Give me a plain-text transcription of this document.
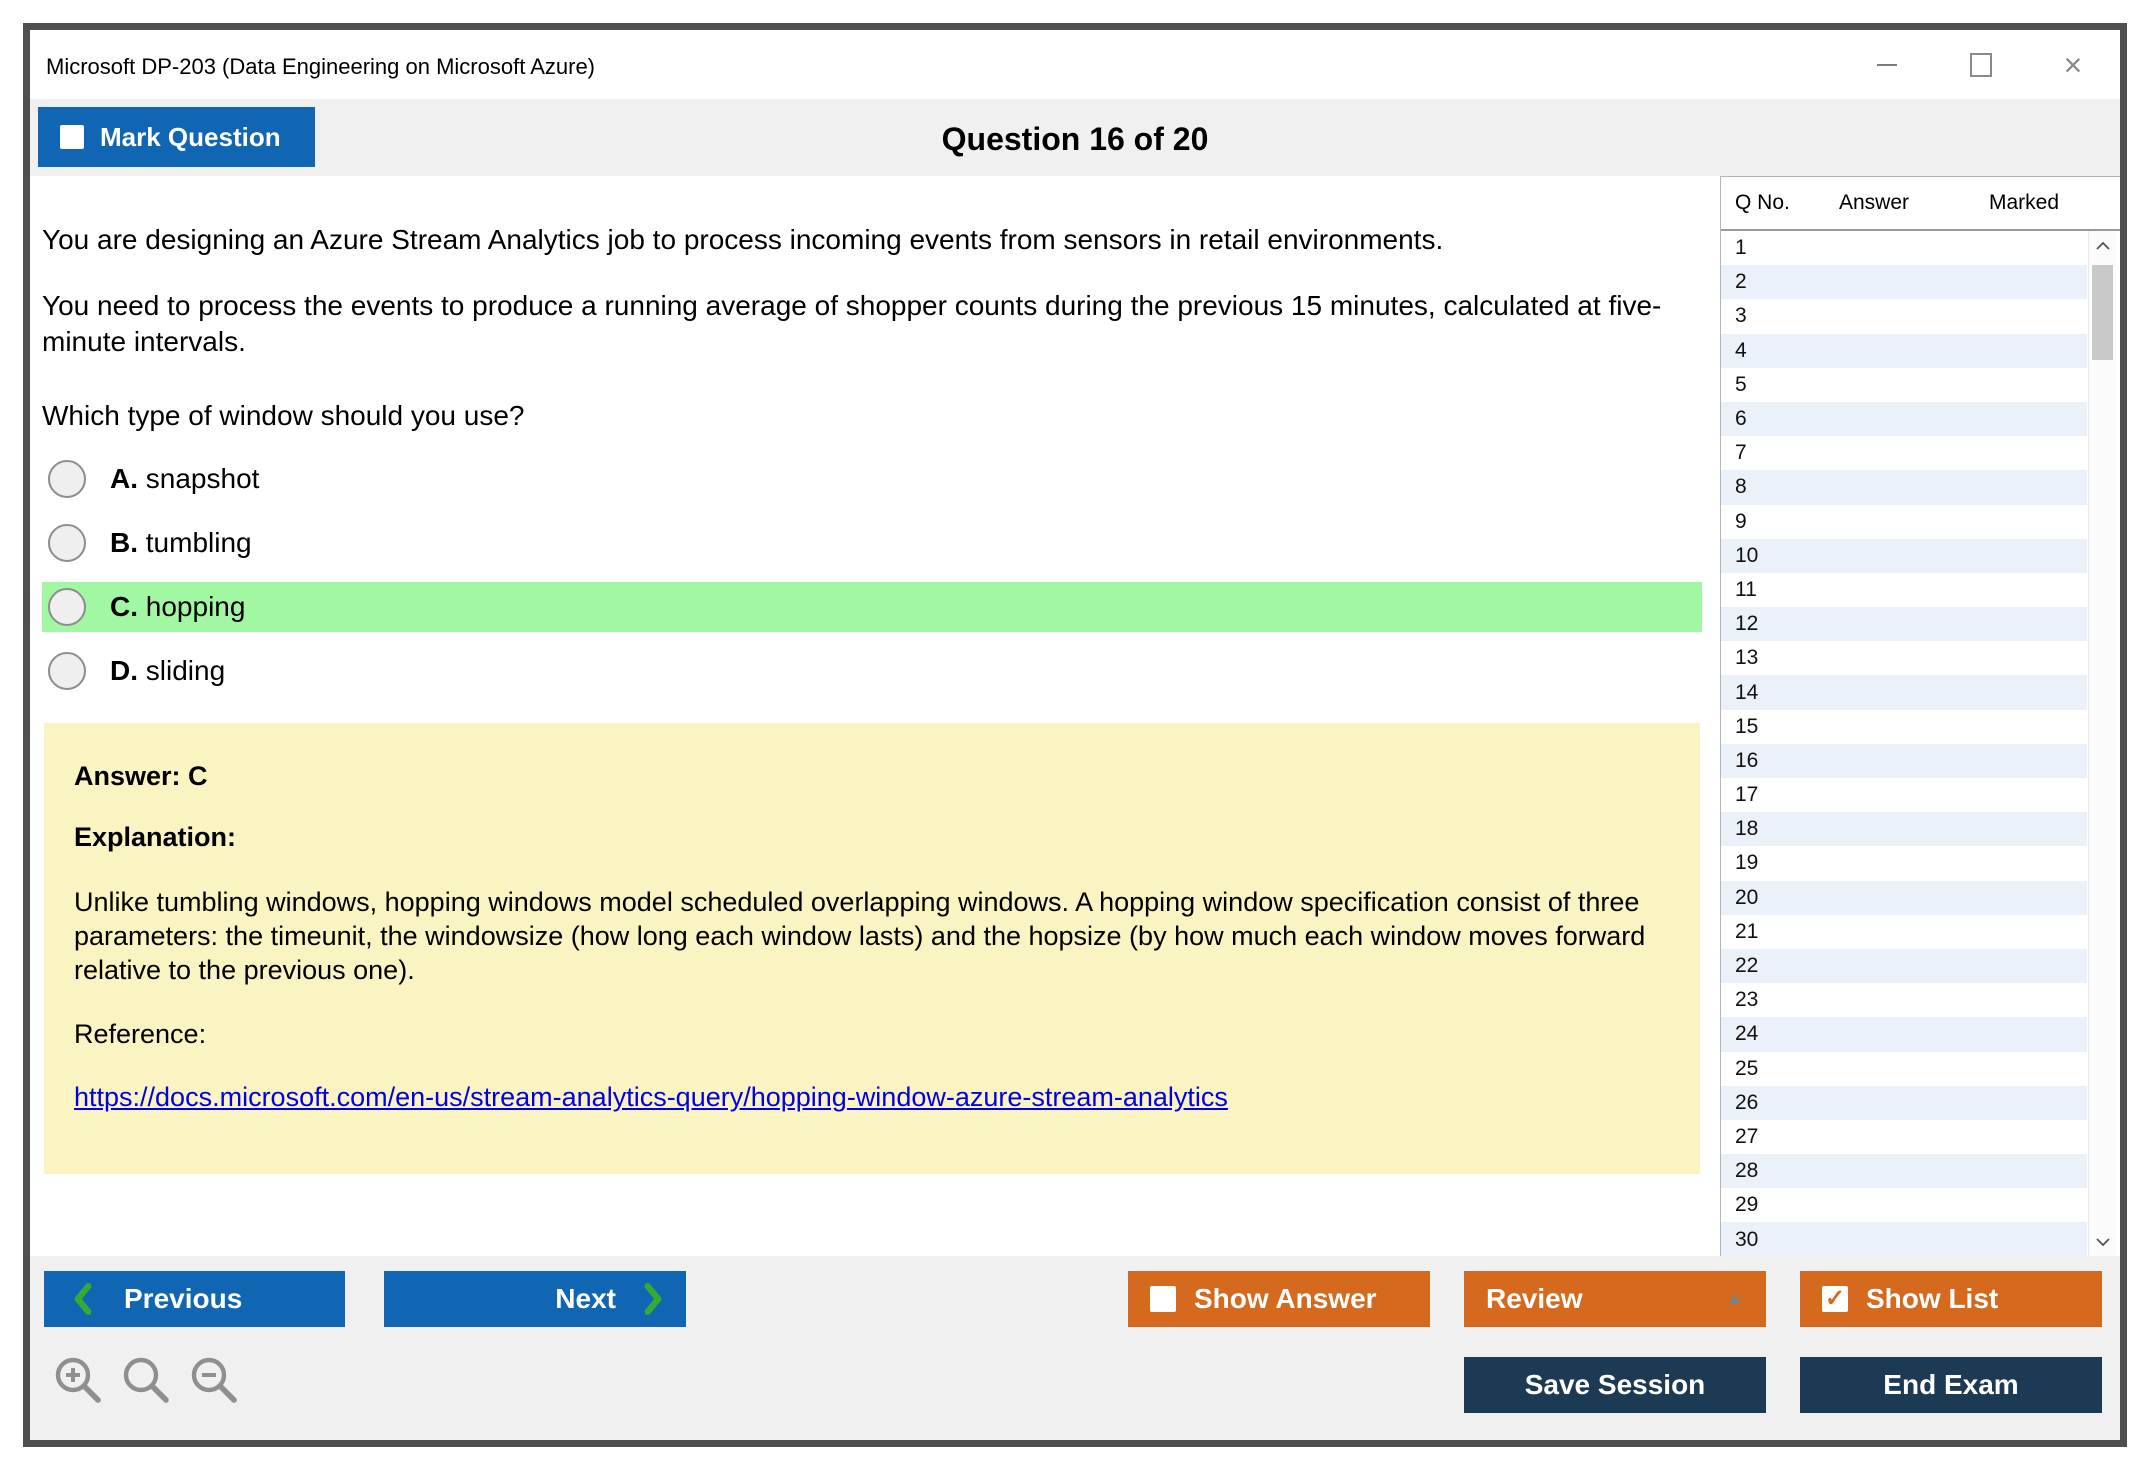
Microsoft DP-203 (Data Engineering on Microsoft Azure)	×
Question 16 of 20
Mark Question
You are designing an Azure Stream Analytics job to process incoming events from sensors in retail environments.
You need to process the events to produce a running average of shopper counts during the previous 15 minutes, calculated at five-minute intervals.
Which type of window should you use?
A. snapshot
B. tumbling
C. hopping
D. sliding
Answer: C
Explanation:
Unlike tumbling windows, hopping windows model scheduled overlapping windows. A hopping window specification consist of three parameters: the timeunit, the windowsize (how long each window lasts) and the hopsize (by how much each window moves forward relative to the previous one).
Reference:
https://docs.microsoft.com/en-us/stream-analytics-query/hopping-window-azure-stream-analytics
Q No. Answer	Marked
1
2
3
4
5
6
7
8
9
10
11
12
13
14
15
16
17
18
19
20
21
22
23
24
25
26
27
28
29
30
Previous	Next	Show Answer	Review	▲	✓ Show List
Save Session	End Exam
